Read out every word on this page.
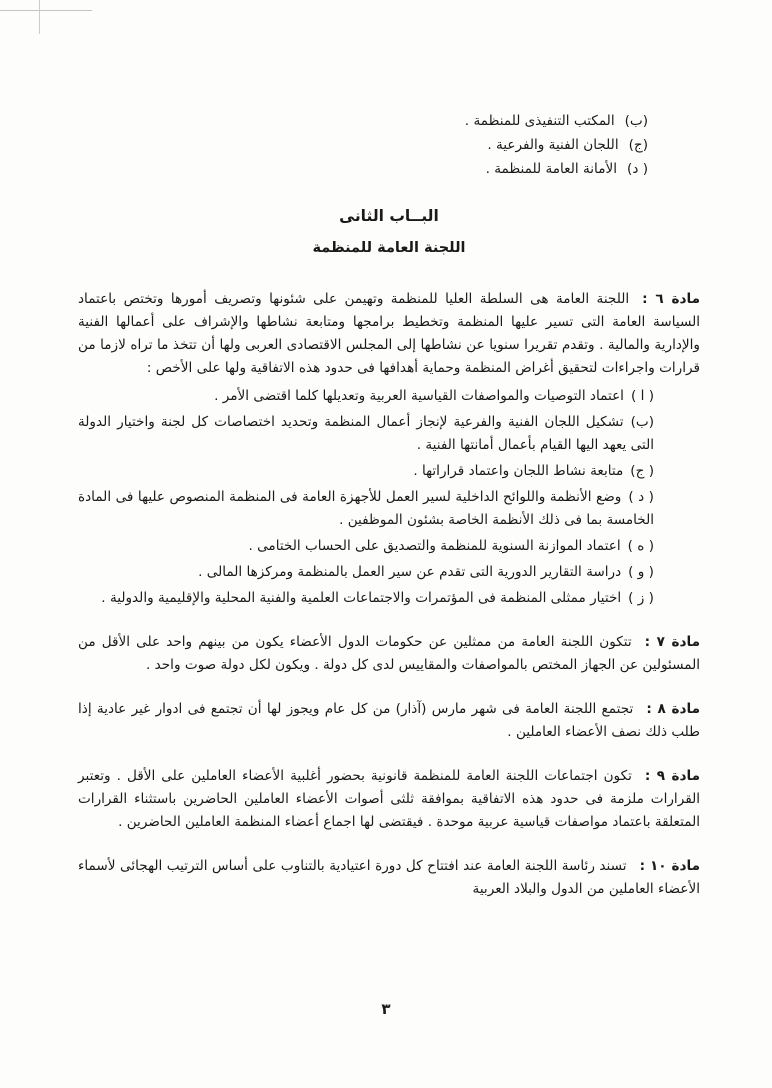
(ب)المكتب التنفيذى للمنظمة .
(ج)اللجان الفنية والفرعية .
( د)الأمانة العامة للمنظمة .
البــاب الثانى
اللجنة العامة للمنظمة

مادة ٦ :اللجنة العامة هى السلطة العليا للمنظمة وتهيمن على شئونها وتصريف أمورها وتختص باعتماد السياسة العامة التى تسير عليها المنظمة وتخطيط برامجها ومتابعة نشاطها والإشراف على أعمالها الفنية والإدارية والمالية . وتقدم تقريرا سنويا عن نشاطها إلى المجلس الاقتصادى العربى ولها أن تتخذ ما تراه لازما من قرارات واجراءات لتحقيق أغراض المنظمة وحماية أهدافها فى حدود هذه الاتفاقية ولها على الأخص :

( ا )اعتماد التوصيات والمواصفات القياسية العربية وتعديلها كلما اقتضى الأمر .

(ب)تشكيل اللجان الفنية والفرعية لإنجاز أعمال المنظمة وتحديد اختصاصات كل لجنة واختيار الدولة التى يعهد اليها القيام بأعمال أمانتها الفنية .

( ج)متابعة نشاط اللجان واعتماد قراراتها .

( د )وضع الأنظمة واللوائح الداخلية لسير العمل للأجهزة العامة فى المنظمة المنصوص عليها فى المادة الخامسة بما فى ذلك الأنظمة الخاصة بشئون الموظفين .

( ه )اعتماد الموازنة السنوية للمنظمة والتصديق على الحساب الختامى .

( و )دراسة التقارير الدورية التى تقدم عن سير العمل بالمنظمة ومركزها المالى .

( ز )اختيار ممثلى المنظمة فى المؤتمرات والاجتماعات العلمية والفنية المحلية والإقليمية والدولية .

مادة ٧ :تتكون اللجنة العامة من ممثلين عن حكومات الدول الأعضاء يكون من بينهم واحد على الأقل من المسئولين عن الجهاز المختص بالمواصفات والمقاييس لدى كل دولة . ويكون لكل دولة صوت واحد .

مادة ٨ :تجتمع اللجنة العامة فى شهر مارس (آذار) من كل عام ويجوز لها أن تجتمع فى ادوار غير عادية إذا طلب ذلك نصف الأعضاء العاملين .

مادة ٩ :تكون اجتماعات اللجنة العامة للمنظمة قانونية بحضور أغلبية الأعضاء العاملين على الأقل . وتعتبر القرارات ملزمة فى حدود هذه الاتفاقية بموافقة ثلثى أصوات الأعضاء العاملين الحاضرين باستثناء القرارات المتعلقة باعتماد مواصفات قياسية عربية موحدة . فيقتضى لها اجماع أعضاء المنظمة العاملين الحاضرين .

مادة ١٠ :تسند رئاسة اللجنة العامة عند افتتاح كل دورة اعتيادية بالتناوب على أساس الترتيب الهجائى لأسماء الأعضاء العاملين من الدول والبلاد العربية

٣
